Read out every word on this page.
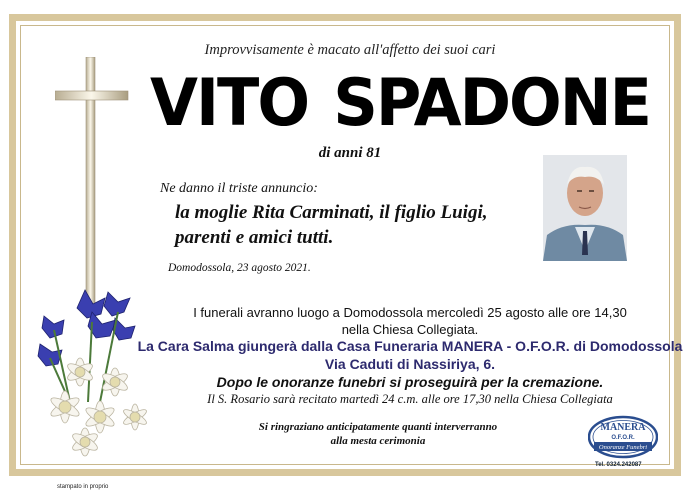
Improvvisamente è macato all'affetto dei suoi cari
VITO SPADONE
di anni 81
Ne danno il triste annuncio:
la moglie Rita Carminati, il figlio Luigi,
parenti e amici tutti.
Domodossola, 23 agosto 2021.
I funerali avranno luogo a Domodossola mercoledì 25 agosto alle ore 14,30
nella Chiesa Collegiata.
La Cara Salma giungerà dalla Casa Funeraria MANERA - O.F.O.R. di Domodossola
Via Caduti di Nassiriya, 6.
Dopo le onoranze funebri si proseguirà per la cremazione.
Il S. Rosario sarà recitato martedì 24 c.m. alle ore 17,30 nella Chiesa Collegiata
Si ringraziano anticipatamente quanti interverranno
alla mesta cerimonia
MANERA
O.F.O.R.
Onoranze Funebri
Tel. 0324.242087
stampato in proprio
